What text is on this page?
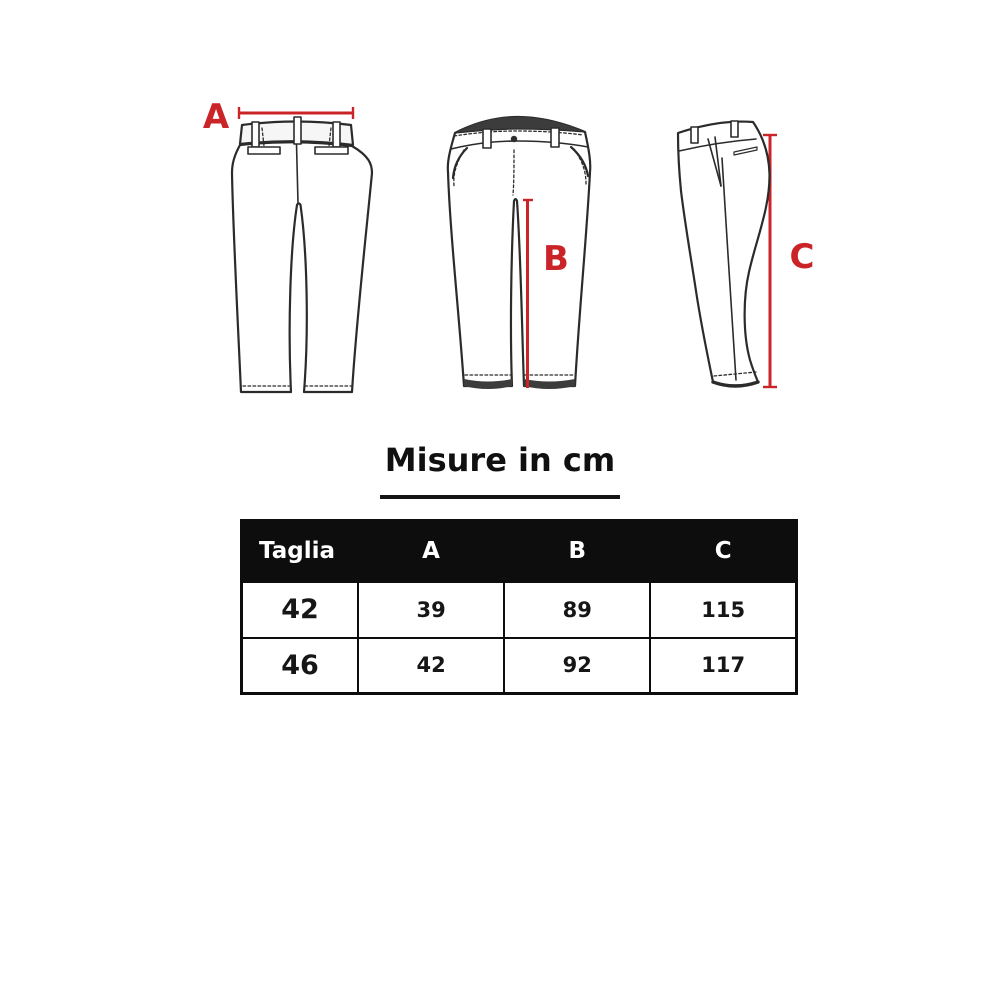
A
B	C
Misure in cm
Taglia	A	B	C
42	39	89	115
46	42	92	117
